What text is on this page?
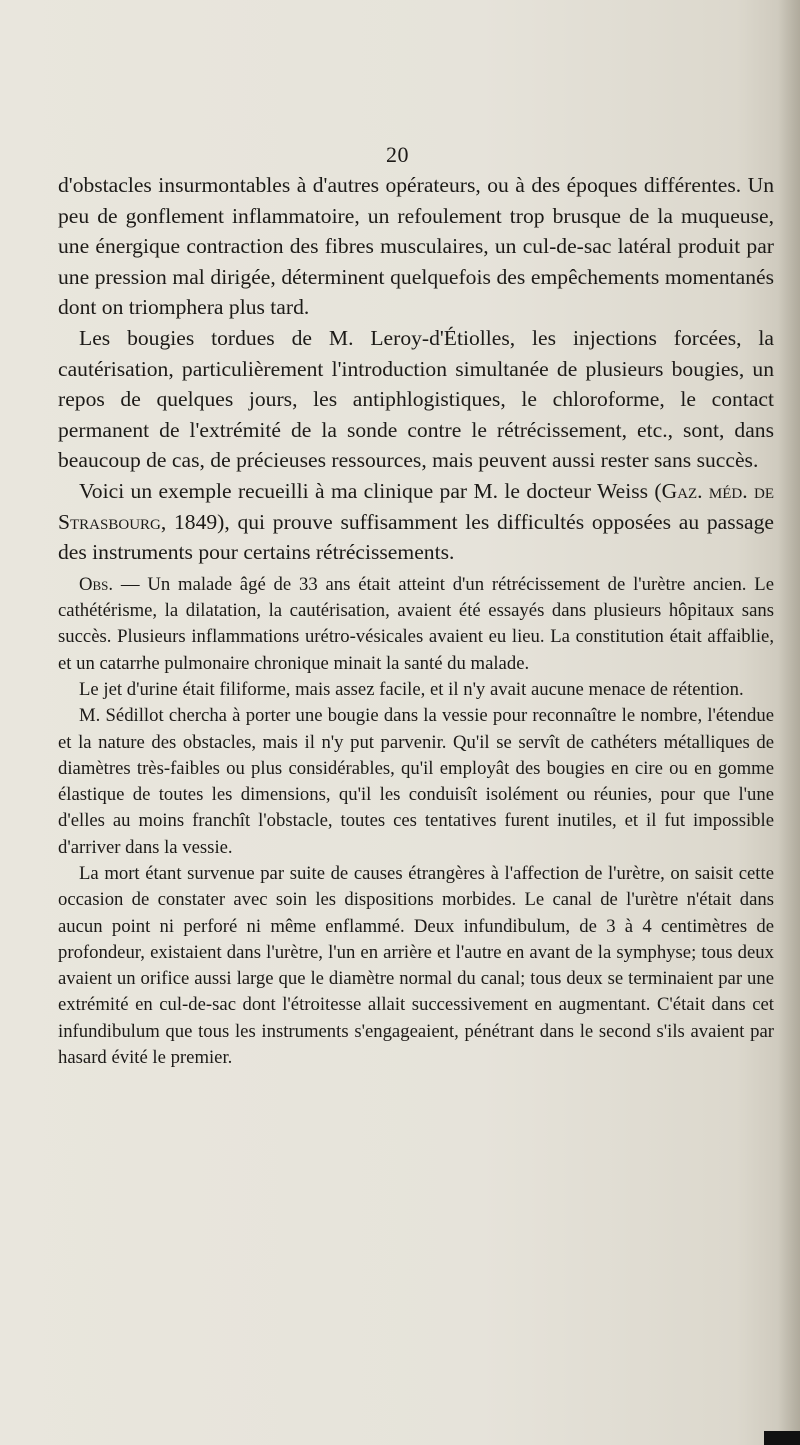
20

d'obstacles insurmontables à d'autres opérateurs, ou à des époques différentes. Un peu de gonflement inflammatoire, un refoulement trop brusque de la muqueuse, une énergique contraction des fibres musculaires, un cul-de-sac latéral produit par une pression mal dirigée, déterminent quelquefois des empêchements momentanés dont on triomphera plus tard.

Les bougies tordues de M. Leroy-d'Étiolles, les injections forcées, la cautérisation, particulièrement l'introduction simultanée de plusieurs bougies, un repos de quelques jours, les antiphlogistiques, le chloroforme, le contact permanent de l'extrémité de la sonde contre le rétrécissement, etc., sont, dans beaucoup de cas, de précieuses ressources, mais peuvent aussi rester sans succès.

Voici un exemple recueilli à ma clinique par M. le docteur Weiss (Gaz. méd. de Strasbourg, 1849), qui prouve suffisamment les difficultés opposées au passage des instruments pour certains rétrécissements.

Obs. — Un malade âgé de 33 ans était atteint d'un rétrécissement de l'urètre ancien. Le cathétérisme, la dilatation, la cautérisation, avaient été essayés dans plusieurs hôpitaux sans succès. Plusieurs inflammations urétro-vésicales avaient eu lieu. La constitution était affaiblie, et un catarrhe pulmonaire chronique minait la santé du malade.

Le jet d'urine était filiforme, mais assez facile, et il n'y avait aucune menace de rétention.

M. Sédillot chercha à porter une bougie dans la vessie pour reconnaître le nombre, l'étendue et la nature des obstacles, mais il n'y put parvenir. Qu'il se servît de cathéters métalliques de diamètres très-faibles ou plus considérables, qu'il employât des bougies en cire ou en gomme élastique de toutes les dimensions, qu'il les conduisît isolément ou réunies, pour que l'une d'elles au moins franchît l'obstacle, toutes ces tentatives furent inutiles, et il fut impossible d'arriver dans la vessie.

La mort étant survenue par suite de causes étrangères à l'affection de l'urètre, on saisit cette occasion de constater avec soin les dispositions morbides. Le canal de l'urètre n'était dans aucun point ni perforé ni même enflammé. Deux infundibulum, de 3 à 4 centimètres de profondeur, existaient dans l'urètre, l'un en arrière et l'autre en avant de la symphyse; tous deux avaient un orifice aussi large que le diamètre normal du canal; tous deux se terminaient par une extrémité en cul-de-sac dont l'étroitesse allait successivement en augmentant. C'était dans cet infundibulum que tous les instruments s'engageaient, pénétrant dans le second s'ils avaient par hasard évité le premier.
